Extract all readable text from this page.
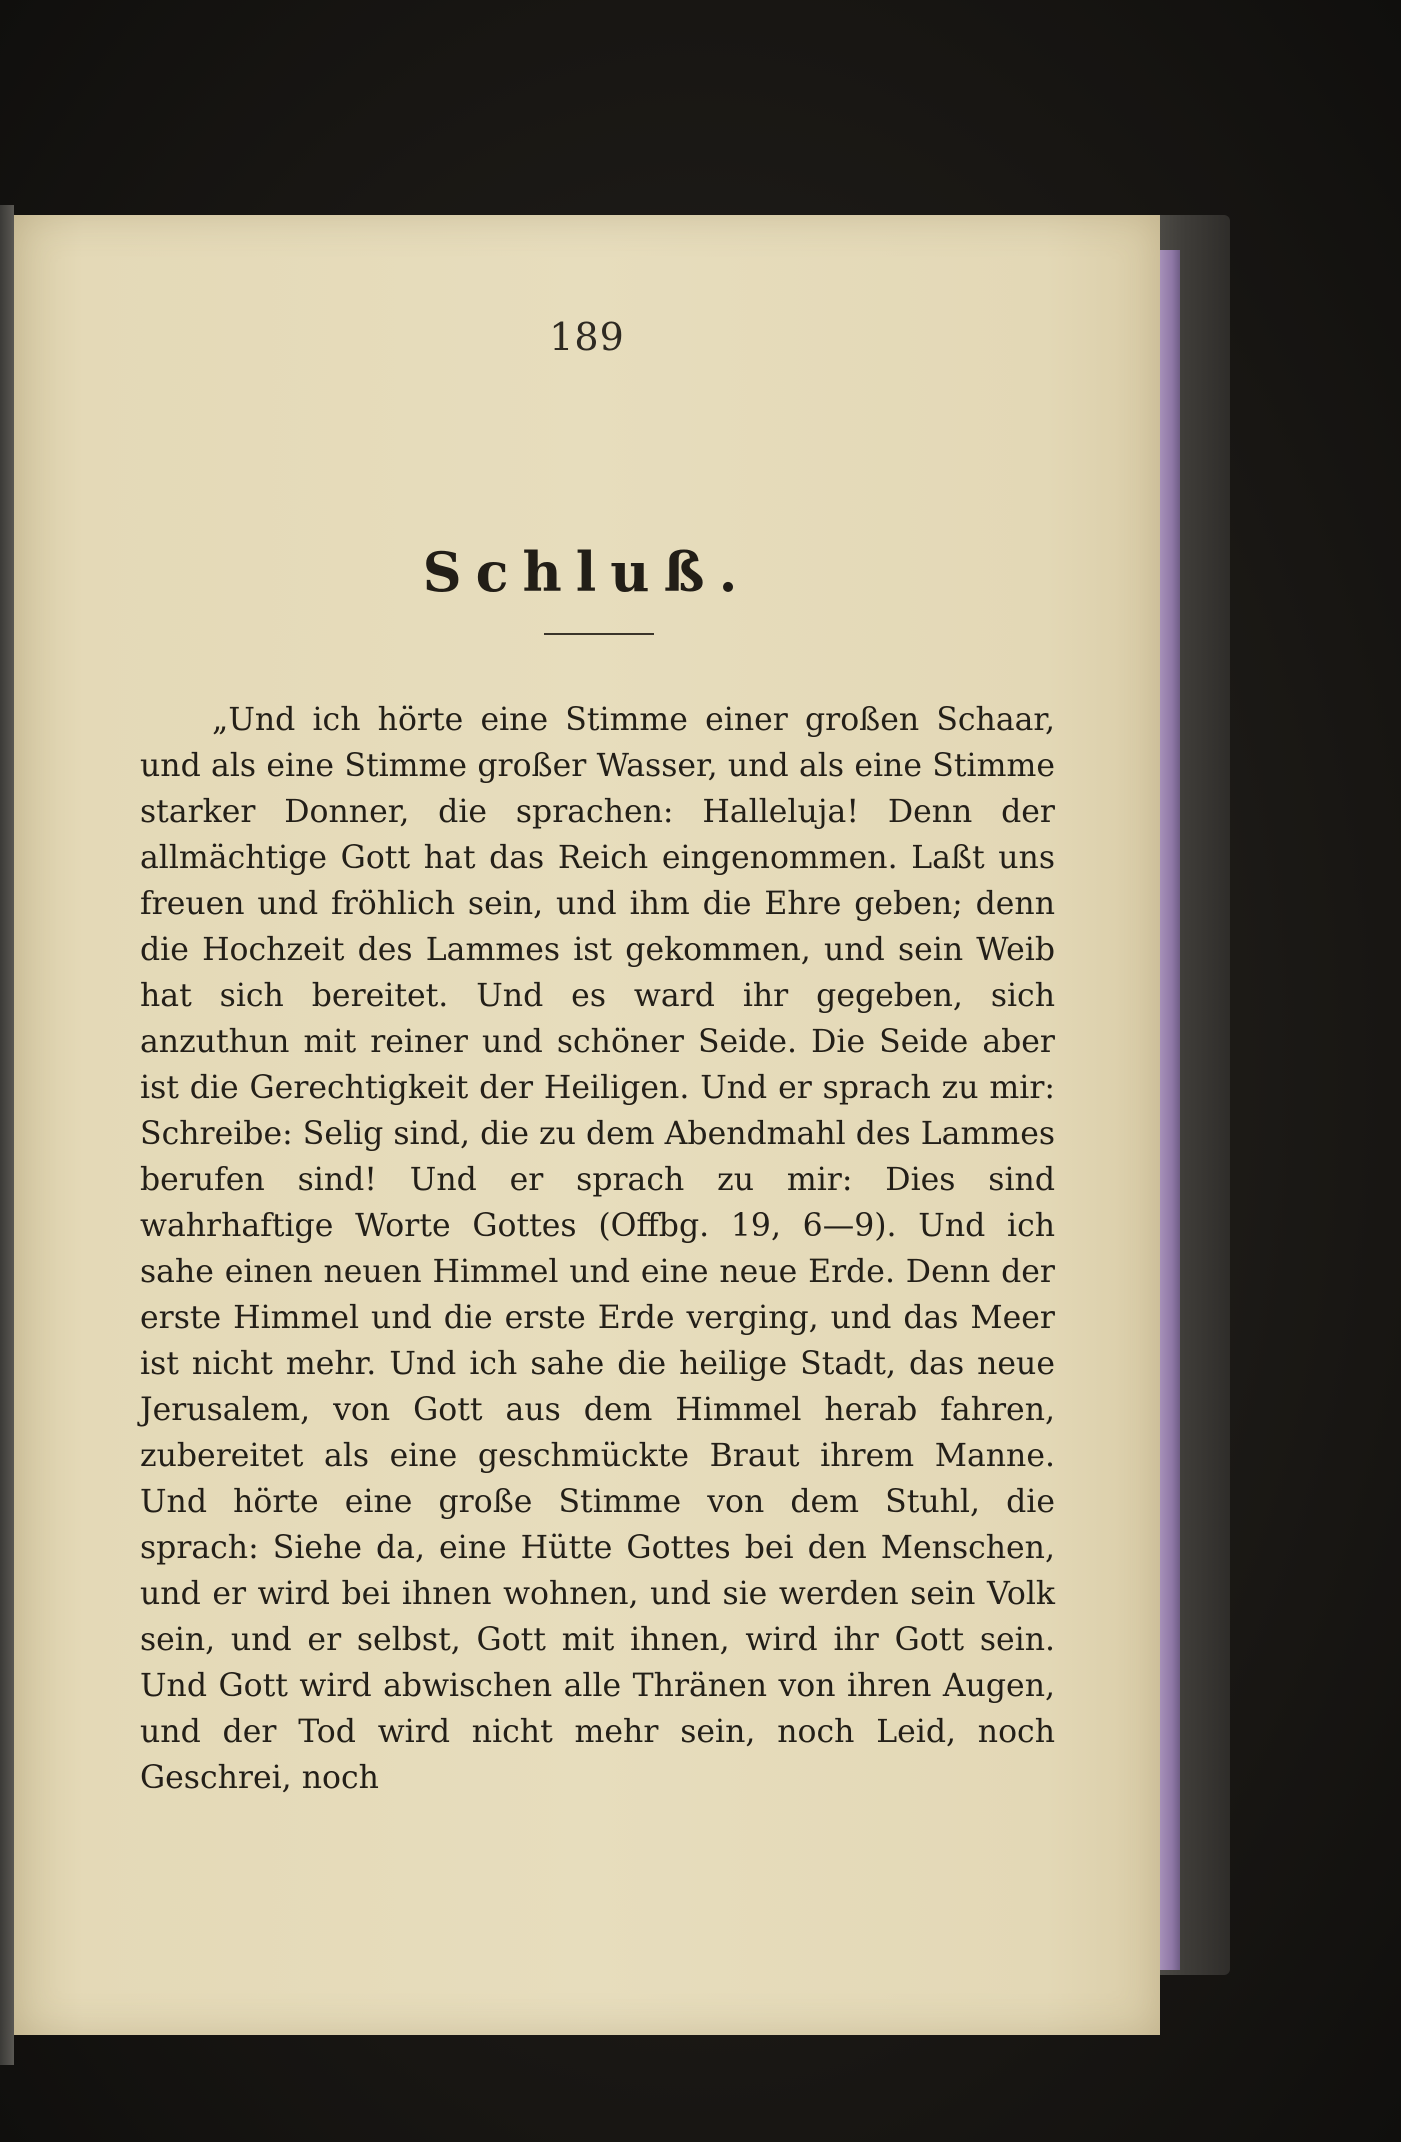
189
Schluß.

„Und ich hörte eine Stimme einer großen Schaar, und als eine Stimme großer Wasser, und als eine Stimme starker Donner, die sprachen: Halleluja! Denn der allmächtige Gott hat das Reich eingenommen. Laßt uns freuen und fröhlich sein, und ihm die Ehre geben; denn die Hochzeit des Lammes ist gekommen, und sein Weib hat sich bereitet. Und es ward ihr gegeben, sich anzuthun mit reiner und schöner Seide. Die Seide aber ist die Gerechtigkeit der Heiligen. Und er sprach zu mir: Schreibe: Selig sind, die zu dem Abendmahl des Lammes berufen sind! Und er sprach zu mir: Dies sind wahrhaftige Worte Gottes (Offbg. 19, 6—9). Und ich sahe einen neuen Himmel und eine neue Erde. Denn der erste Himmel und die erste Erde verging, und das Meer ist nicht mehr. Und ich sahe die heilige Stadt, das neue Jerusalem, von Gott aus dem Himmel herab fahren, zubereitet als eine geschmückte Braut ihrem Manne. Und hörte eine große Stimme von dem Stuhl, die sprach: Siehe da, eine Hütte Gottes bei den Menschen, und er wird bei ihnen wohnen, und sie werden sein Volk sein, und er selbst, Gott mit ihnen, wird ihr Gott sein. Und Gott wird abwischen alle Thränen von ihren Augen, und der Tod wird nicht mehr sein, noch Leid, noch Geschrei, noch
